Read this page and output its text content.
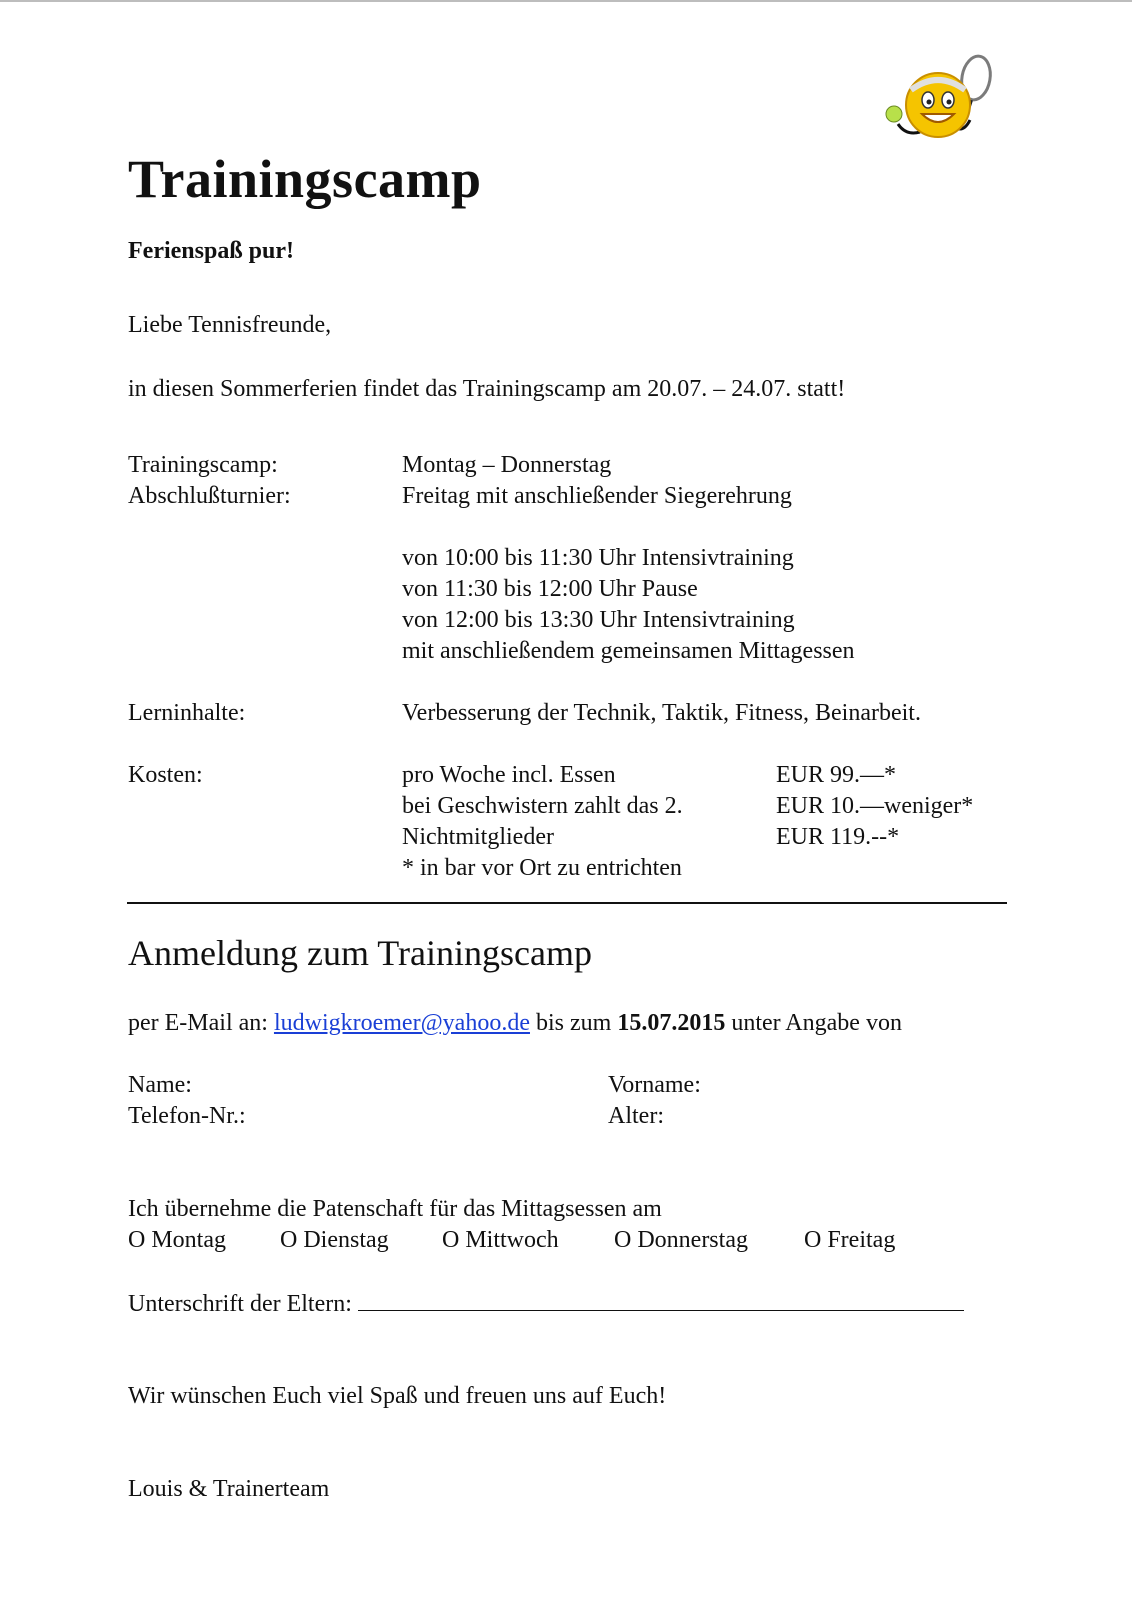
Trainingscamp
Ferienspaß pur!
Liebe Tennisfreunde,
in diesen Sommerferien findet das Trainingscamp am 20.07. – 24.07. statt!
Trainingscamp:	Montag – Donnerstag
Abschlußturnier:	Freitag mit anschließender Siegerehrung
von 10:00 bis 11:30 Uhr Intensivtraining
von 11:30 bis 12:00 Uhr Pause
von 12:00 bis 13:30 Uhr Intensivtraining
mit anschließendem gemeinsamen Mittagessen
Lerninhalte:	Verbesserung der Technik, Taktik, Fitness, Beinarbeit.
Kosten:	pro Woche incl. Essen	EUR 99.—*
bei Geschwistern zahlt das 2.	EUR 10.—weniger*
Nichtmitglieder	EUR 119.--*
* in bar vor Ort zu entrichten
Anmeldung zum Trainingscamp
per E-Mail an: ludwigkroemer@yahoo.de bis zum 15.07.2015 unter Angabe von
Name:	Vorname:
Telefon-Nr.:	Alter:
Ich übernehme die Patenschaft für das Mittagsessen am
O Montag O Dienstag O Mittwoch O Donnerstag O Freitag
Unterschrift der Eltern:
Wir wünschen Euch viel Spaß und freuen uns auf Euch!
Louis & Trainerteam
